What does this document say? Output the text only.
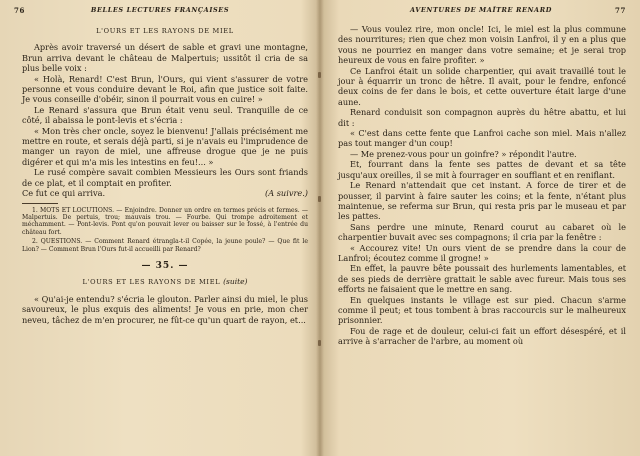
76	BELLES LECTURES FRANÇAISES
L'OURS ET LES RAYONS DE MIEL

Après avoir traversé un désert de sable et gravi une montagne, Brun arriva devant le château de Malpertuis; ussitôt il cria de sa plus belle voix :

« Holà, Renard! C'est Brun, l'Ours, qui vient s'assurer de votre personne et vous conduire devant le Roi, afin que justice soit faite. Je vous conseille d'obéir, sinon il pourrait vous en cuire! »

Le Renard s'assura que Brun était venu seul. Tranquille de ce côté, il abaissa le pont-levis et s'écria :

« Mon très cher oncle, soyez le bienvenu! J'allais précisément me mettre en route, et serais déjà parti, si je n'avais eu l'imprudence de manger un rayon de miel, une affreuse drogue que je ne puis digérer et qui m'a mis les intestins en feu!... »

Le rusé compère savait combien Messieurs les Ours sont friands de ce plat, et il comptait en profiter.

Ce fut ce qui arriva.	(A suivre.)

1. MOTS ET LOCUTIONS. — Enjoindre. Donner un ordre en termes précis et fermes. — Malpertuis. De pertuis, trou; mauvais trou. — Fourbe. Qui trompe adroitement et méchamment. — Pont-levis. Pont qu'on pouvait lever ou baisser sur le fossé, à l'entrée du château fort.

2. QUESTIONS. — Comment Renard étrangla-t-il Copée, la jeune poule? — Que fit le Lion? — Comment Brun l'Ours fut-il accueilli par Renard?

— 35. —
L'OURS ET LES RAYONS DE MIEL (suite)

« Qu'ai-je entendu? s'écria le glouton. Parler ainsi du miel, le plus savoureux, le plus exquis des aliments! Je vous en prie, mon cher neveu, tâchez de m'en procurer, ne fût-ce qu'un quart de rayon, et...

AVENTURES DE MAÎTRE RENARD	77

— Vous voulez rire, mon oncle! Ici, le miel est la plus commune des nourritures; rien que chez mon voisin Lanfroi, il y en a plus que vous ne pourriez en manger dans votre semaine; et je serai trop heureux de vous en faire profiter. »

Ce Lanfroi était un solide charpentier, qui avait travaillé tout le jour à équarrir un tronc de hêtre. Il avait, pour le fendre, enfoncé deux coins de fer dans le bois, et cette ouverture était large d'une aune.

Renard conduisit son compagnon auprès du hêtre abattu, et lui dit :

« C'est dans cette fente que Lanfroi cache son miel. Mais n'allez pas tout manger d'un coup!

— Me prenez-vous pour un goinfre? » répondit l'autre.

Et, fourrant dans la fente ses pattes de devant et sa tête jusqu'aux oreilles, il se mit à fourrager en soufflant et en reniflant.

Le Renard n'attendait que cet instant. A force de tirer et de pousser, il parvint à faire sauter les coins; et la fente, n'étant plus maintenue, se referma sur Brun, qui resta pris par le museau et par les pattes.

Sans perdre une minute, Renard courut au cabaret où le charpentier buvait avec ses compagnons; il cria par la fenêtre :

« Accourez vite! Un ours vient de se prendre dans la cour de Lanfroi; écoutez comme il grogne! »

En effet, la pauvre bête poussait des hurlements lamentables, et de ses pieds de derrière grattait le sable avec fureur. Mais tous ses efforts ne faisaient que le mettre en sang.

En quelques instants le village est sur pied. Chacun s'arme comme il peut; et tous tombent à bras raccourcis sur le malheureux prisonnier.

Fou de rage et de douleur, celui-ci fait un effort désespéré, et il arrive à s'arracher de l'arbre, au moment où
